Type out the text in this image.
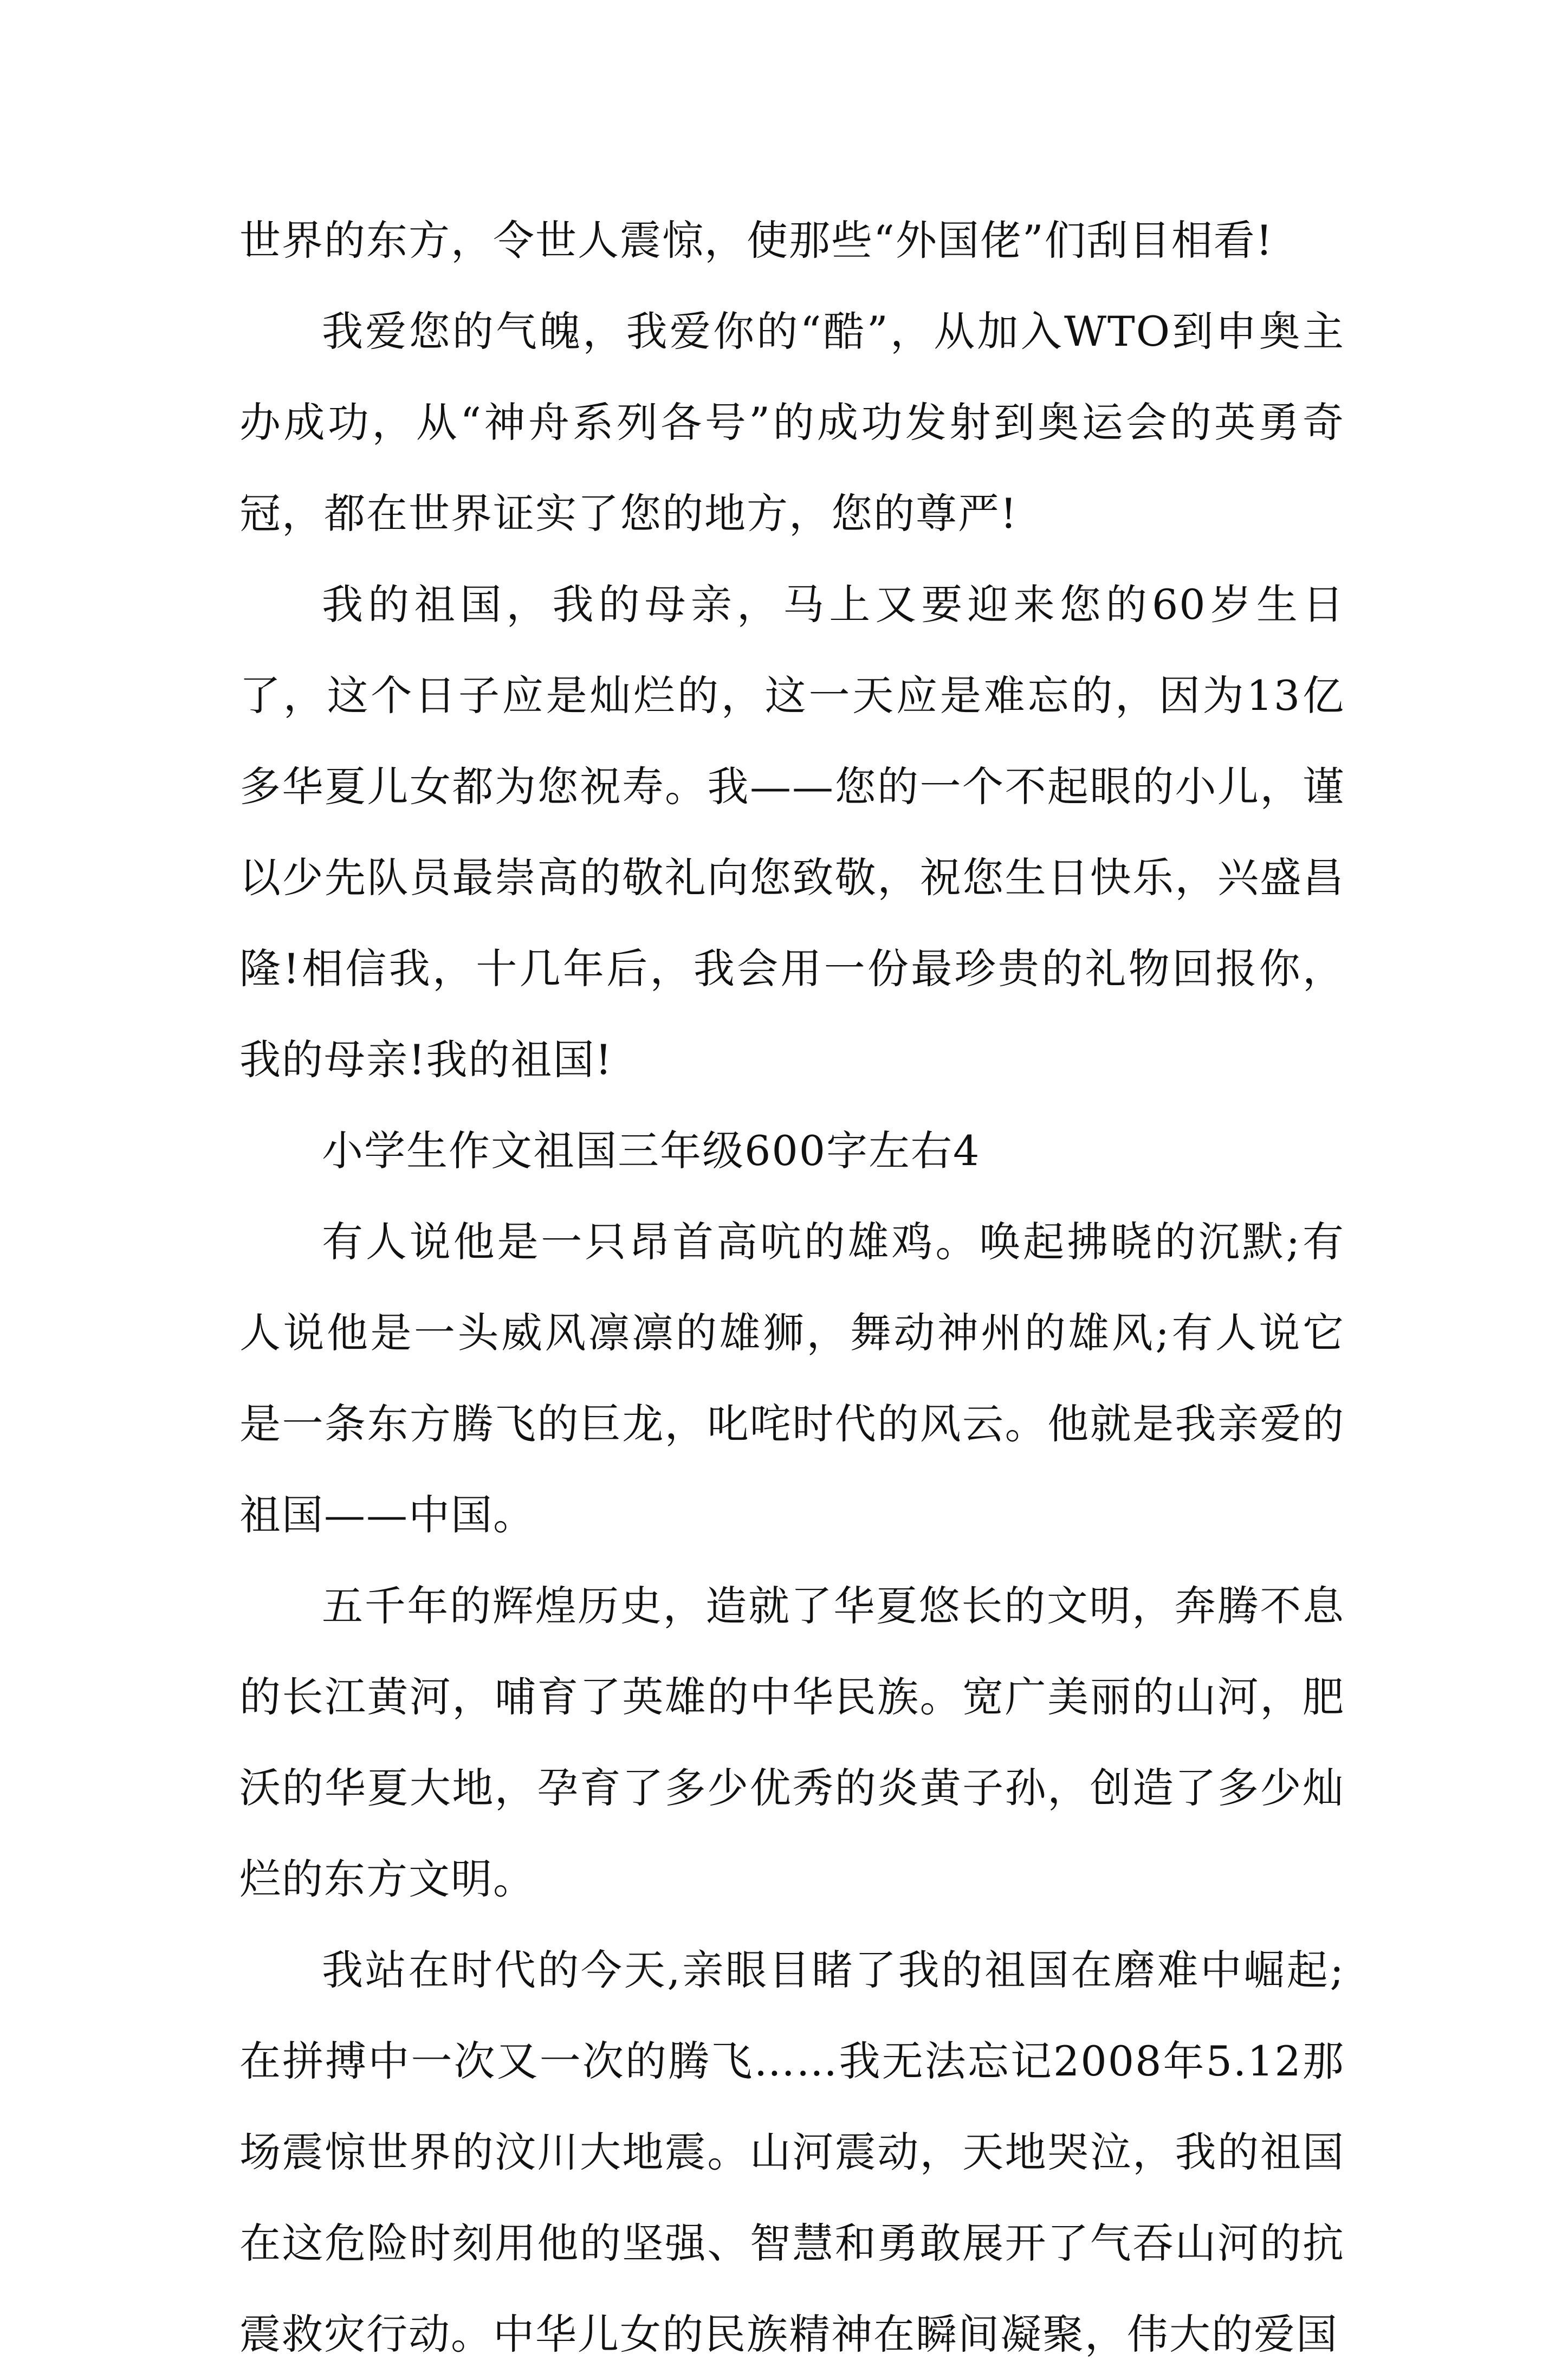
世界的东方，令世人震惊，使那些“外国佬”们刮目相看!

我爱您的气魄，我爱你的“酷”，从加入WTO到申奥主办成功，从“神舟系列各号”的成功发射到奥运会的英勇奇冠，都在世界证实了您的地方，您的尊严!

我的祖国，我的母亲，马上又要迎来您的60岁生日了，这个日子应是灿烂的，这一天应是难忘的，因为13亿多华夏儿女都为您祝寿。我——您的一个不起眼的小儿，谨以少先队员最崇高的敬礼向您致敬，祝您生日快乐，兴盛昌隆!相信我，十几年后，我会用一份最珍贵的礼物回报你，我的母亲!我的祖国!

小学生作文祖国三年级600字左右4

有人说他是一只昂首高吭的雄鸡。唤起拂晓的沉默;有人说他是一头威风凛凛的雄狮，舞动神州的雄风;有人说它是一条东方腾飞的巨龙，叱咤时代的风云。他就是我亲爱的祖国——中国。

五千年的辉煌历史，造就了华夏悠长的文明，奔腾不息的长江黄河，哺育了英雄的中华民族。宽广美丽的山河，肥沃的华夏大地，孕育了多少优秀的炎黄子孙，创造了多少灿烂的东方文明。

我站在时代的今天,亲眼目睹了我的祖国在磨难中崛起;在拼搏中一次又一次的腾飞……我无法忘记2008年5.12那场震惊世界的汶川大地震。山河震动，天地哭泣，我的祖国在这危险时刻用他的坚强、智慧和勇敢展开了气吞山河的抗震救灾行动。中华儿女的民族精神在瞬间凝聚，伟大的爱国
